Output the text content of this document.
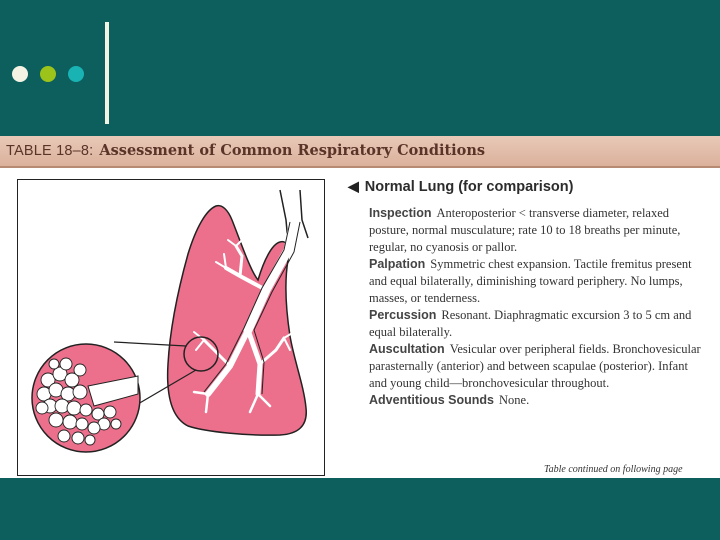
TABLE 18–8: Assessment of Common Respiratory Conditions
◀ Normal Lung (for comparison)

Inspection Anteroposterior < transverse diameter, relaxed posture, normal musculature; rate 10 to 18 breaths per minute, regular, no cyanosis or pallor.

Palpation Symmetric chest expansion. Tactile fremitus present and equal bilaterally, diminishing toward periphery. No lumps, masses, or tenderness.

Percussion Resonant. Diaphragmatic excursion 3 to 5 cm and equal bilaterally.

Auscultation Vesicular over peripheral fields. Bronchovesicular parasternally (anterior) and between scapulae (posterior). Infant and young child—bronchovesicular throughout.

Adventitious Sounds None.

Table continued on following page
